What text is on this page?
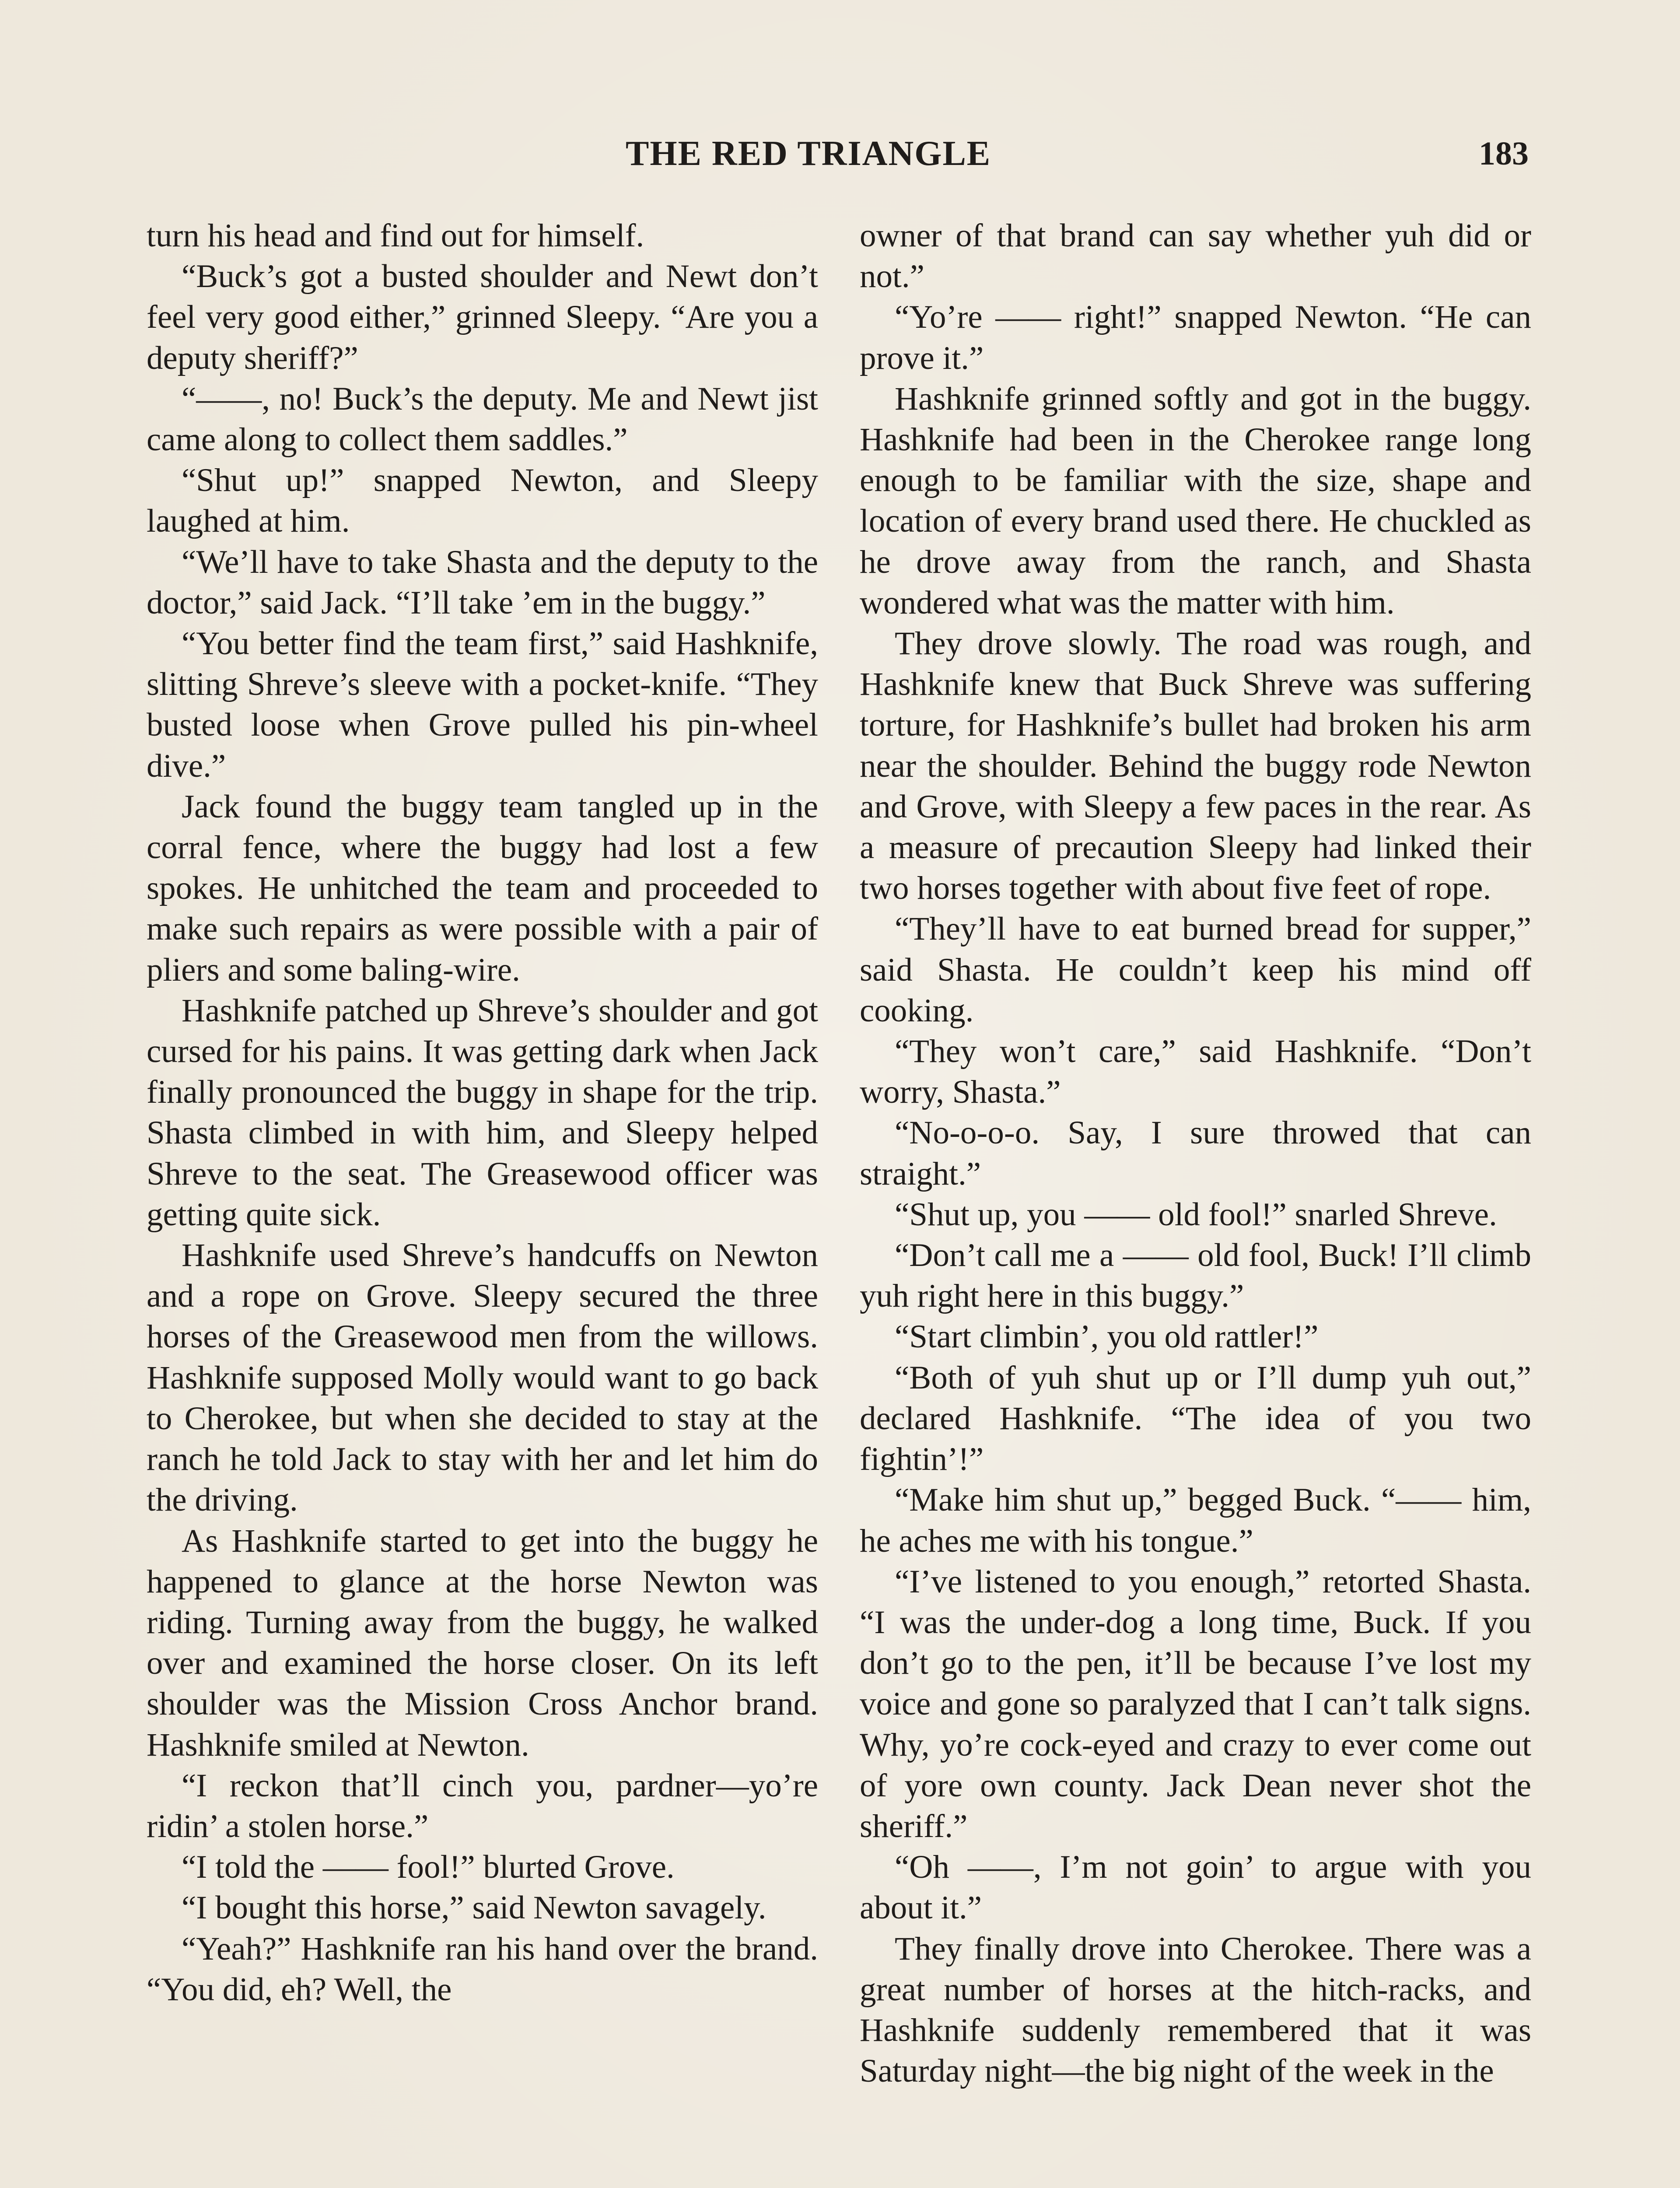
THE RED TRIANGLE	183

turn his head and find out for himself.

“Buck’s got a busted shoulder and Newt don’t feel very good either,” grinned Sleepy. “Are you a deputy sheriff?”

“——, no! Buck’s the deputy. Me and Newt jist came along to collect them saddles.”

“Shut up!” snapped Newton, and Sleepy laughed at him.

“We’ll have to take Shasta and the deputy to the doctor,” said Jack. “I’ll take ’em in the buggy.”

“You better find the team first,” said Hashknife, slitting Shreve’s sleeve with a pocket-knife. “They busted loose when Grove pulled his pin-wheel dive.”

Jack found the buggy team tangled up in the corral fence, where the buggy had lost a few spokes. He unhitched the team and proceeded to make such repairs as were possible with a pair of pliers and some baling-wire.

Hashknife patched up Shreve’s shoulder and got cursed for his pains. It was getting dark when Jack finally pronounced the buggy in shape for the trip. Shasta climbed in with him, and Sleepy helped Shreve to the seat. The Greasewood officer was getting quite sick.

Hashknife used Shreve’s handcuffs on Newton and a rope on Grove. Sleepy secured the three horses of the Greasewood men from the willows. Hashknife supposed Molly would want to go back to Cherokee, but when she decided to stay at the ranch he told Jack to stay with her and let him do the driving.

As Hashknife started to get into the buggy he happened to glance at the horse Newton was riding. Turning away from the buggy, he walked over and examined the horse closer. On its left shoulder was the Mission Cross Anchor brand. Hashknife smiled at Newton.

“I reckon that’ll cinch you, pardner—yo’re ridin’ a stolen horse.”

“I told the —— fool!” blurted Grove.

“I bought this horse,” said Newton savagely.

“Yeah?” Hashknife ran his hand over the brand. “You did, eh? Well, the

owner of that brand can say whether yuh did or not.”

“Yo’re —— right!” snapped Newton. “He can prove it.”

Hashknife grinned softly and got in the buggy. Hashknife had been in the Cherokee range long enough to be familiar with the size, shape and location of every brand used there. He chuckled as he drove away from the ranch, and Shasta wondered what was the matter with him.

They drove slowly. The road was rough, and Hashknife knew that Buck Shreve was suffering torture, for Hashknife’s bullet had broken his arm near the shoulder. Behind the buggy rode Newton and Grove, with Sleepy a few paces in the rear. As a measure of precaution Sleepy had linked their two horses together with about five feet of rope.

“They’ll have to eat burned bread for supper,” said Shasta. He couldn’t keep his mind off cooking.

“They won’t care,” said Hashknife. “Don’t worry, Shasta.”

“No-o-o-o. Say, I sure throwed that can straight.”

“Shut up, you —— old fool!” snarled Shreve.

“Don’t call me a —— old fool, Buck! I’ll climb yuh right here in this buggy.”

“Start climbin’, you old rattler!”

“Both of yuh shut up or I’ll dump yuh out,” declared Hashknife. “The idea of you two fightin’!”

“Make him shut up,” begged Buck. “—— him, he aches me with his tongue.”

“I’ve listened to you enough,” retorted Shasta. “I was the under-dog a long time, Buck. If you don’t go to the pen, it’ll be because I’ve lost my voice and gone so paralyzed that I can’t talk signs. Why, yo’re cock-eyed and crazy to ever come out of yore own county. Jack Dean never shot the sheriff.”

“Oh ——, I’m not goin’ to argue with you about it.”

They finally drove into Cherokee. There was a great number of horses at the hitch-racks, and Hashknife suddenly remembered that it was Saturday night—the big night of the week in the
